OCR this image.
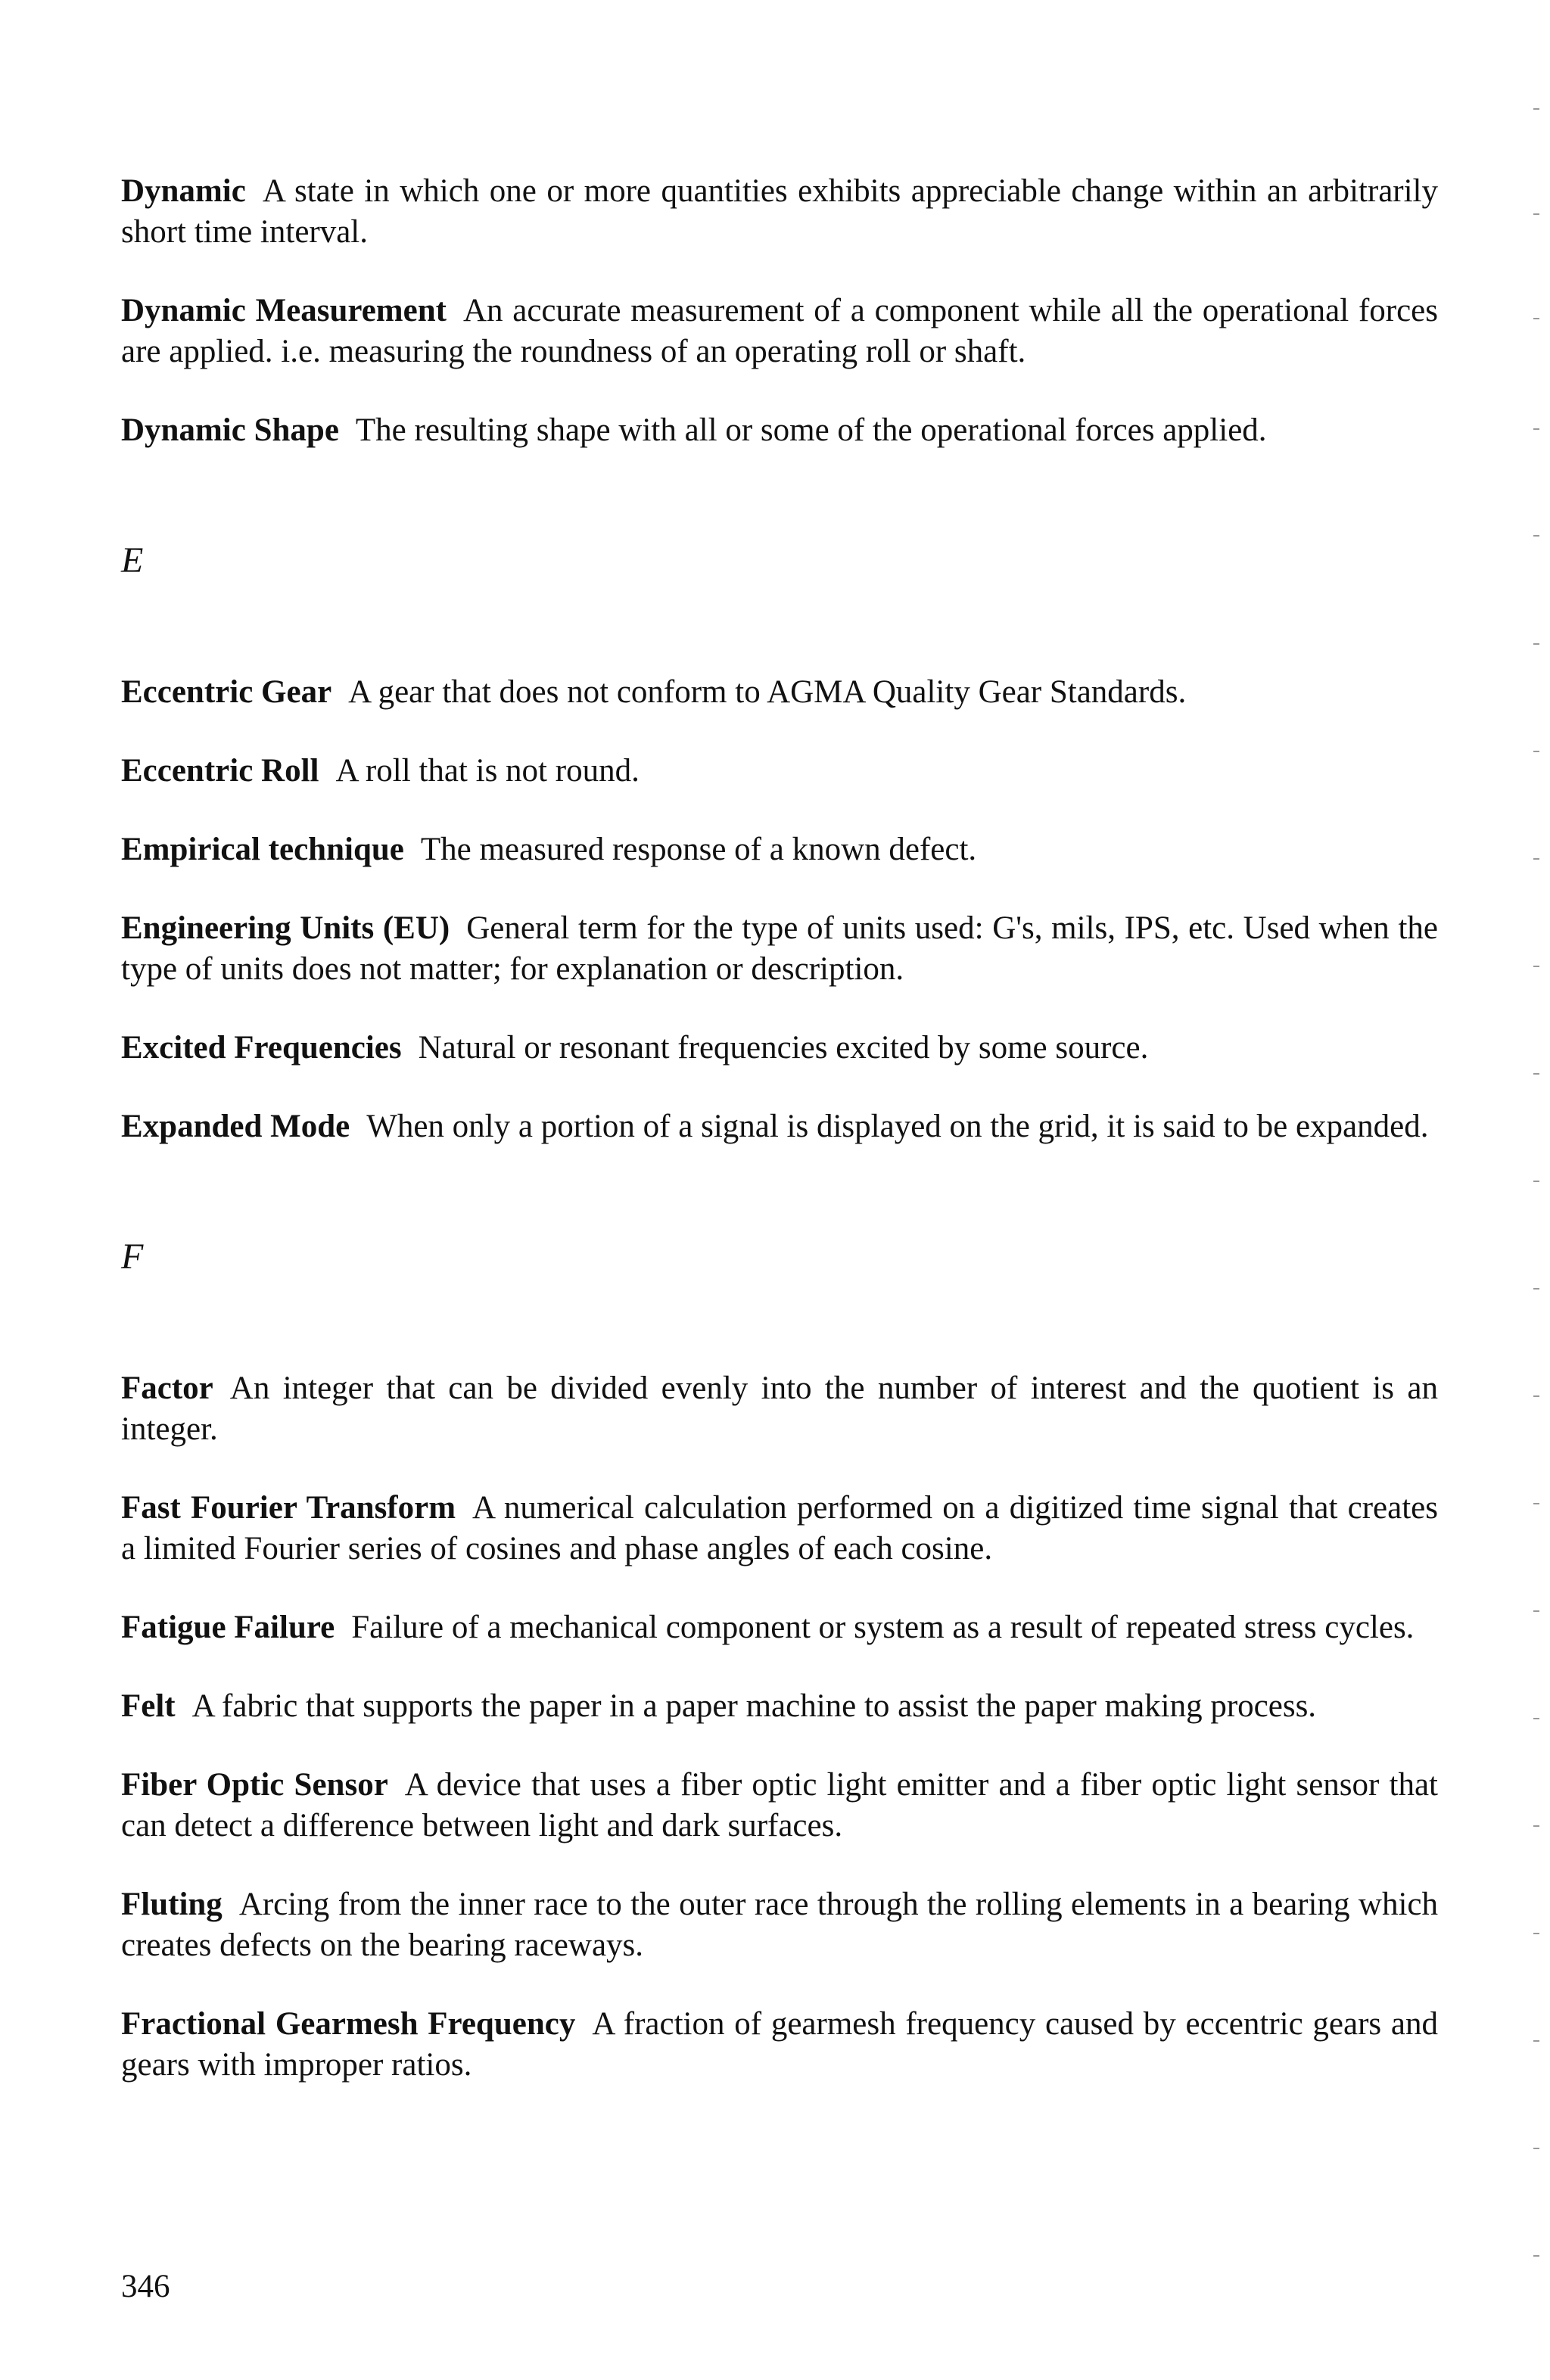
Dynamic A state in which one or more quantities exhibits appreciable change within an arbitrarily short time interval.
Dynamic Measurement An accurate measurement of a component while all the operational forces are applied. i.e. measuring the roundness of an operating roll or shaft.
Dynamic Shape The resulting shape with all or some of the operational forces applied.
E
Eccentric Gear A gear that does not conform to AGMA Quality Gear Standards.
Eccentric Roll A roll that is not round.
Empirical technique The measured response of a known defect.
Engineering Units (EU) General term for the type of units used: G's, mils, IPS, etc. Used when the type of units does not matter; for explanation or description.
Excited Frequencies Natural or resonant frequencies excited by some source.
Expanded Mode When only a portion of a signal is displayed on the grid, it is said to be expanded.
F
Factor An integer that can be divided evenly into the number of interest and the quotient is an integer.
Fast Fourier Transform A numerical calculation performed on a digitized time signal that creates a limited Fourier series of cosines and phase angles of each cosine.
Fatigue Failure Failure of a mechanical component or system as a result of repeated stress cycles.
Felt A fabric that supports the paper in a paper machine to assist the paper making process.
Fiber Optic Sensor A device that uses a fiber optic light emitter and a fiber optic light sensor that can detect a difference between light and dark surfaces.
Fluting Arcing from the inner race to the outer race through the rolling elements in a bearing which creates defects on the bearing raceways.
Fractional Gearmesh Frequency A fraction of gearmesh frequency caused by eccentric gears and gears with improper ratios.
346
